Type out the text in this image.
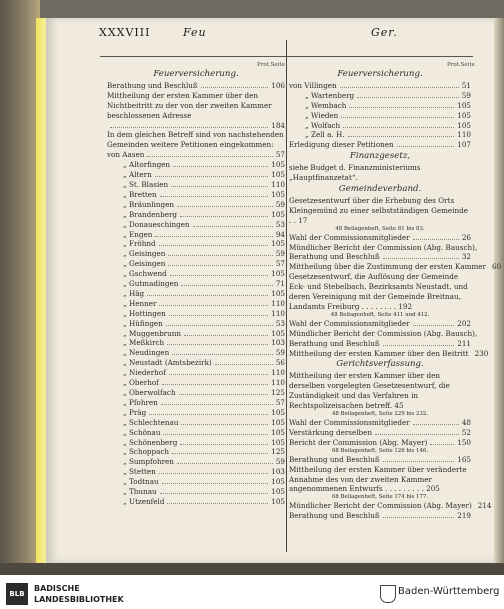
XXXVIII	Feu	Ger.
Prot.Seite	Prot.Seite
Feuerversicherung.
Berathung und Beschluß	106
Mittheilung der ersten Kammer über den Nichtbeitritt zu der von der zweiten Kammer beschlossenen Adresse
184
In dem gleichen Betreff sind von nachstehenden Gemeinden weitere Petitionen eingekommen:
von Aasen	57
„ Altorfingen	105
„ Altern	105
„ St. Blasien	110
„ Bretten	105
„ Bräunlingen	59
„ Brandenberg	105
„ Donaueschingen	53
„ Engen	94
„ Fröhnd	105
„ Geisingen	59
„ Geisingen	57
„ Gschwend	105
„ Gutmadingen	71
„ Häg	105
„ Henner	110
„ Hottingen	110
„ Hüfingen	53
„ Muggenbrunn	105
„ Meßkirch	103
„ Neudingen	59
„ Neustadt (Amtsbezirk)	56
„ Niederhof	110
„ Oberhof	110
„ Oberwolfach	125
„ Pfohren	57
„ Präg	105
„ Schlechtenau	105
„ Schönau	105
„ Schönenberg	105
„ Schoppach	125
„ Sumpfohren	59
„ Stetten	103
„ Todtnau	105
„ Thunau	105
„ Utzenfeld	105
Feuerversicherung.
von Villingen	51
„ Wartenberg	59
„ Wembach	105
„ Wieden	105
„ Wolfach	105
„ Zell a. H.	110
Erledigung dieser Petitionen	107
Finanzgesetz,
siehe Budget d. Finanzministeriums „Hauptfinanzetat“.
Gemeindeverband.
Gesetzesentwurf über die Erhebung des Orts Kleingemünd zu einer selbstständigen Gemeinde . . 17
48 Beilagenheft, Seite 81 bis 83.
Wahl der Commissionsmitglieder	26
Mündlicher Bericht der Commission (Abg. Bausch),
Berathung und Beschluß	32
Mittheilung über die Zustimmung der ersten Kammer 60
Gesetzesentwurf, die Auflösung der Gemeinde Eck- und Stebelbach, Bezirksamts Neustadt, und deren Vereinigung mit der Gemeinde Breitnau, Landamts Freiburg . . . . . . . . 192
48 Beilagenheft, Seite 411 und 412.
Wahl der Commissionsmitglieder	202
Mündlicher Bericht der Commission (Abg. Bausch),
Berathung und Beschluß	211
Mittheilung der ersten Kammer über den Beitritt 230
Gerichtsverfassung.
Mittheilung der ersten Kammer über den derselben vorgelegten Gesetzesentwurf, die Zuständigkeit und das Verfahren in Rechtspolizeisachen betreff. 45
48 Beilagenheft, Seite 229 bis 232.
Wahl der Commissionsmitglieder	48
Verstärkung derselben	52
Bericht der Commission (Abg. Mayer)	150
68 Beilagenheft, Seite 126 bis 146.
Berathung und Beschluß	165
Mittheilung der ersten Kammer über veränderte Annahme des von der zweiten Kammer angenommenen Entwurfs . . . . . . . . . 205
68 Beilagenheft, Seite 174 bis 177.
Mündlicher Bericht der Commission (Abg. Mayer) 214
Berathung und Beschluß	219
BLB
BADISCHE
LANDESBIBLIOTHEK
Baden-Württemberg
